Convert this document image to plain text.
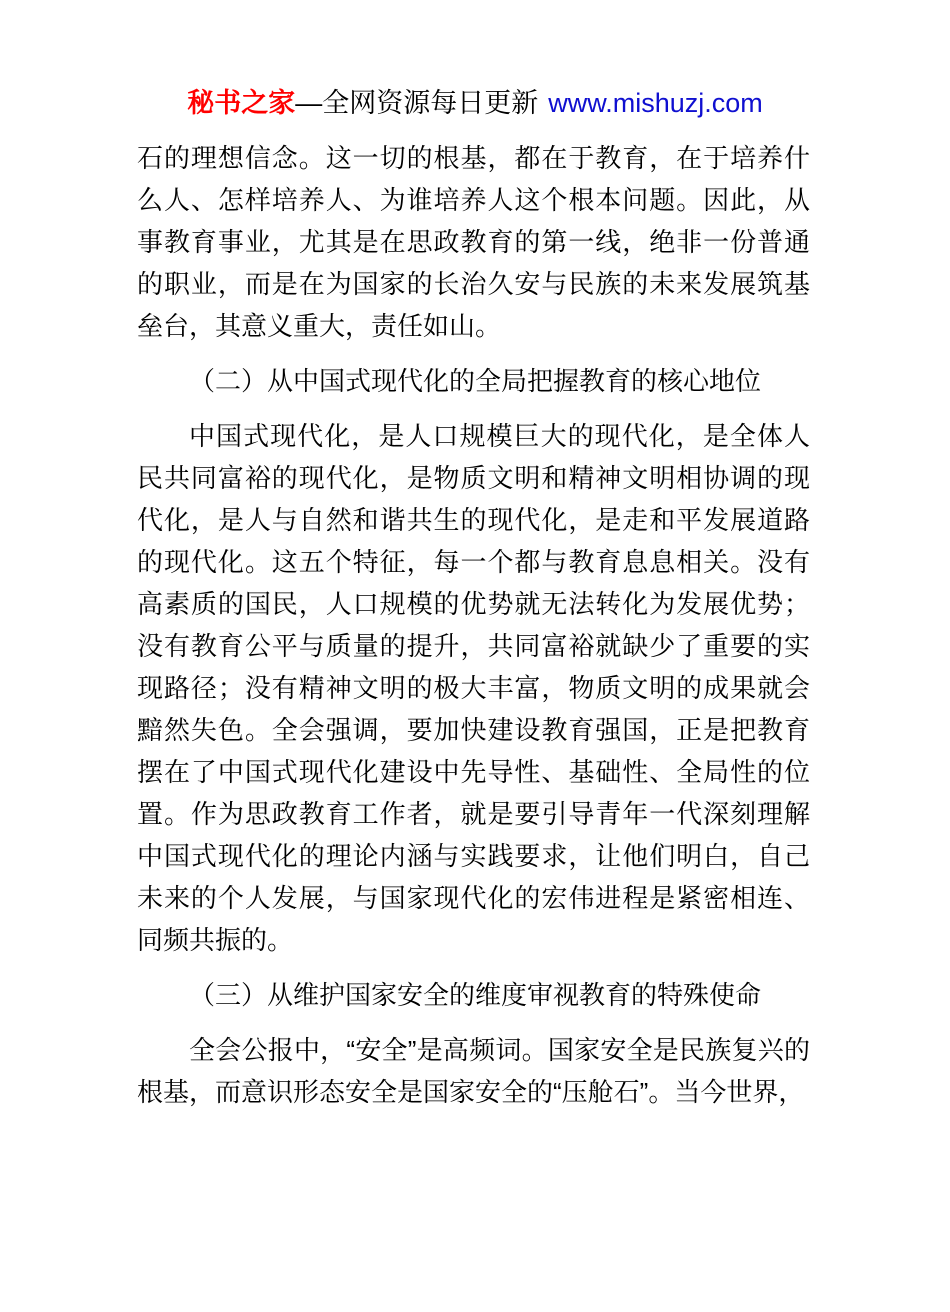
秘书之家—全网资源每日更新 www.mishuzj.com

石的理想信念。这一切的根基，都在于教育，在于培养什么人、怎样培养人、为谁培养人这个根本问题。因此，从事教育事业，尤其是在思政教育的第一线，绝非一份普通的职业，而是在为国家的长治久安与民族的未来发展筑基垒台，其意义重大，责任如山。

（二）从中国式现代化的全局把握教育的核心地位

中国式现代化，是人口规模巨大的现代化，是全体人民共同富裕的现代化，是物质文明和精神文明相协调的现代化，是人与自然和谐共生的现代化，是走和平发展道路的现代化。这五个特征，每一个都与教育息息相关。没有高素质的国民，人口规模的优势就无法转化为发展优势；没有教育公平与质量的提升，共同富裕就缺少了重要的实现路径；没有精神文明的极大丰富，物质文明的成果就会黯然失色。全会强调，要加快建设教育强国，正是把教育摆在了中国式现代化建设中先导性、基础性、全局性的位置。作为思政教育工作者，就是要引导青年一代深刻理解中国式现代化的理论内涵与实践要求，让他们明白，自己未来的个人发展，与国家现代化的宏伟进程是紧密相连、同频共振的。

（三）从维护国家安全的维度审视教育的特殊使命

全会公报中，“安全”是高频词。国家安全是民族复兴的根基，而意识形态安全是国家安全的“压舱石”。当今世界，
